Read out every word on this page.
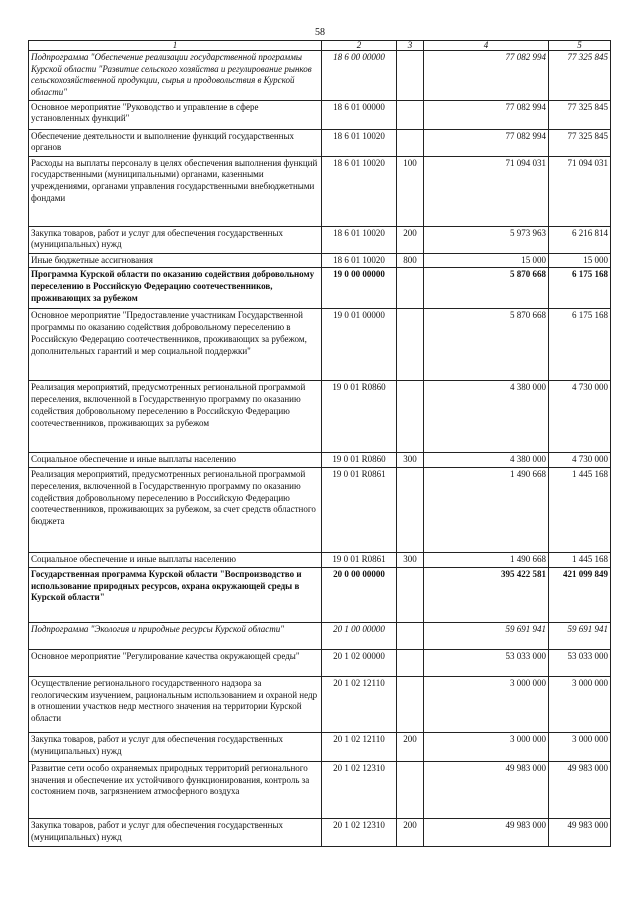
58
1	2	3	4	5
Подпрограмма "Обеспечение реализации государственной программы Курской области "Развитие сельского хозяйства и регулирование рынков сельскохозяйственной продукции, сырья и продовольствия в Курской области"	18 6 00 00000		77 082 994	77 325 845
Основное мероприятие "Руководство и управление в сфере установленных функций"	18 6 01 00000		77 082 994	77 325 845
Обеспечение деятельности и выполнение функций государственных органов	18 6 01 10020		77 082 994	77 325 845
Расходы на выплаты персоналу в целях обеспечения выполнения функций государственными (муниципальными) органами, казенными учреждениями, органами управления государственными внебюджетными фондами	18 6 01 10020	100	71 094 031	71 094 031
Закупка товаров, работ и услуг для обеспечения государственных (муниципальных) нужд	18 6 01 10020	200	5 973 963	6 216 814
Иные бюджетные ассигнования	18 6 01 10020	800	15 000	15 000
Программа Курской области по оказанию содействия добровольному переселению в Российскую Федерацию соотечественников, проживающих за рубежом	19 0 00 00000		5 870 668	6 175 168
Основное мероприятие "Предоставление участникам Государственной программы по оказанию содействия добровольному переселению в Российскую Федерацию соотечественников, проживающих за рубежом, дополнительных гарантий и мер социальной поддержки"	19 0 01 00000		5 870 668	6 175 168
Реализация мероприятий, предусмотренных региональной программой переселения, включенной в Государственную программу по оказанию содействия добровольному переселению в Российскую Федерацию соотечественников, проживающих за рубежом	19 0 01 R0860		4 380 000	4 730 000
Социальное обеспечение и иные выплаты населению	19 0 01 R0860	300	4 380 000	4 730 000
Реализация мероприятий, предусмотренных региональной программой переселения, включенной в Государственную программу по оказанию содействия добровольному переселению в Российскую Федерацию соотечественников, проживающих за рубежом, за счет средств областного бюджета	19 0 01 R0861		1 490 668	1 445 168
Социальное обеспечение и иные выплаты населению	19 0 01 R0861	300	1 490 668	1 445 168
Государственная программа Курской области "Воспроизводство и использование природных ресурсов, охрана окружающей среды в Курской области"	20 0 00 00000		395 422 581	421 099 849
Подпрограмма "Экология и природные ресурсы Курской области"	20 1 00 00000		59 691 941	59 691 941
Основное мероприятие "Регулирование качества окружающей среды"	20 1 02 00000		53 033 000	53 033 000
Осуществление регионального государственного надзора за геологическим изучением, рациональным использованием и охраной недр в отношении участков недр местного значения на территории Курской области	20 1 02 12110		3 000 000	3 000 000
Закупка товаров, работ и услуг для обеспечения государственных (муниципальных) нужд	20 1 02 12110	200	3 000 000	3 000 000
Развитие сети особо охраняемых природных территорий регионального значения и обеспечение их устойчивого функционирования, контроль за состоянием почв, загрязнением атмосферного воздуха	20 1 02 12310		49 983 000	49 983 000
Закупка товаров, работ и услуг для обеспечения государственных (муниципальных) нужд	20 1 02 12310	200	49 983 000	49 983 000
